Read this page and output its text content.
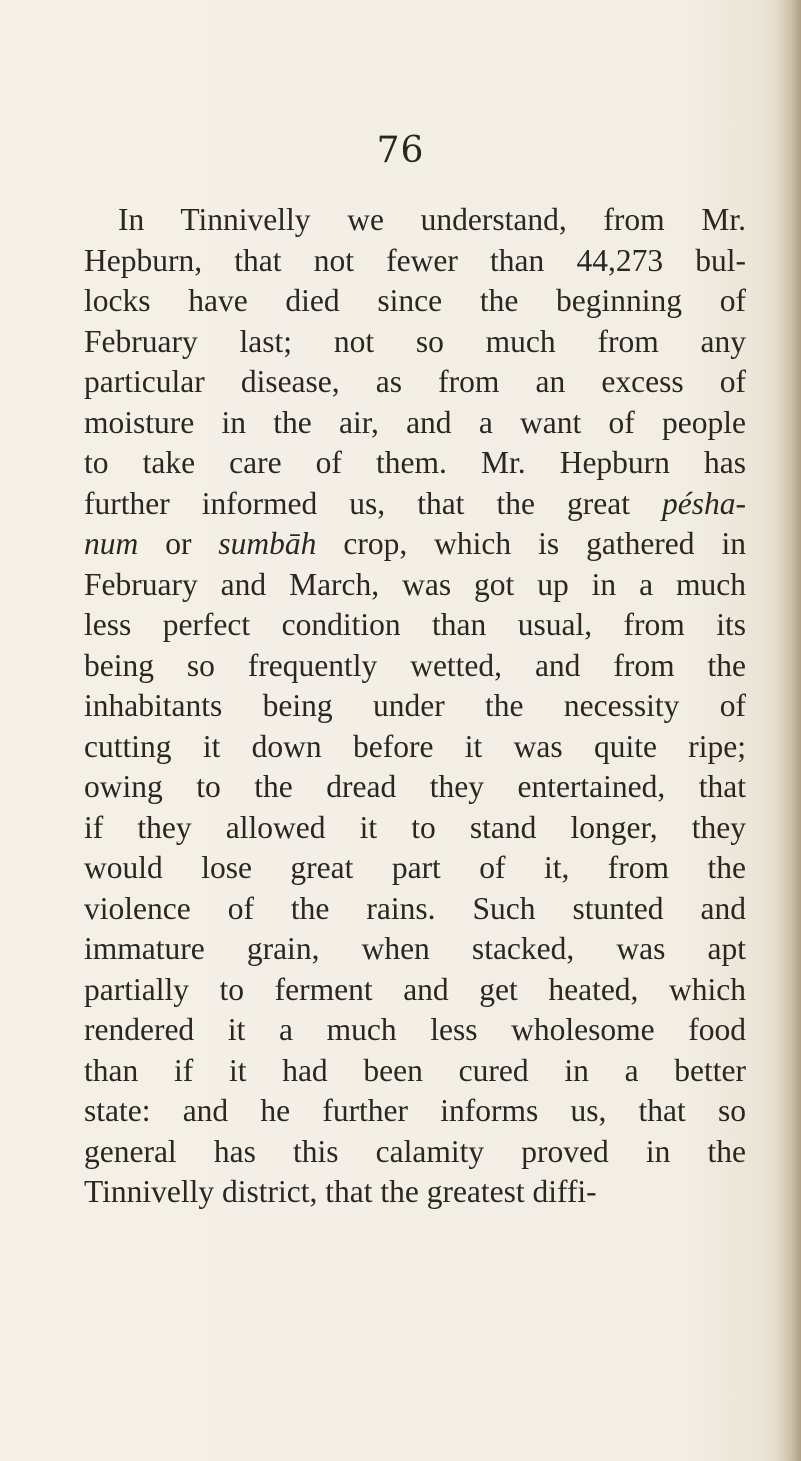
76
In Tinnivelly we understand, from Mr.
Hepburn, that not fewer than 44,273 bul-
locks have died since the beginning of
February last; not so much from any
particular disease, as from an excess of
moisture in the air, and a want of people
to take care of them. Mr. Hepburn has
further informed us, that the great pésha-
num or sumbāh crop, which is gathered in
February and March, was got up in a much
less perfect condition than usual, from its
being so frequently wetted, and from the
inhabitants being under the necessity of
cutting it down before it was quite ripe;
owing to the dread they entertained, that
if they allowed it to stand longer, they
would lose great part of it, from the
violence of the rains. Such stunted and
immature grain, when stacked, was apt
partially to ferment and get heated, which
rendered it a much less wholesome food
than if it had been cured in a better
state: and he further informs us, that so
general has this calamity proved in the
Tinnivelly district, that the greatest diffi-
